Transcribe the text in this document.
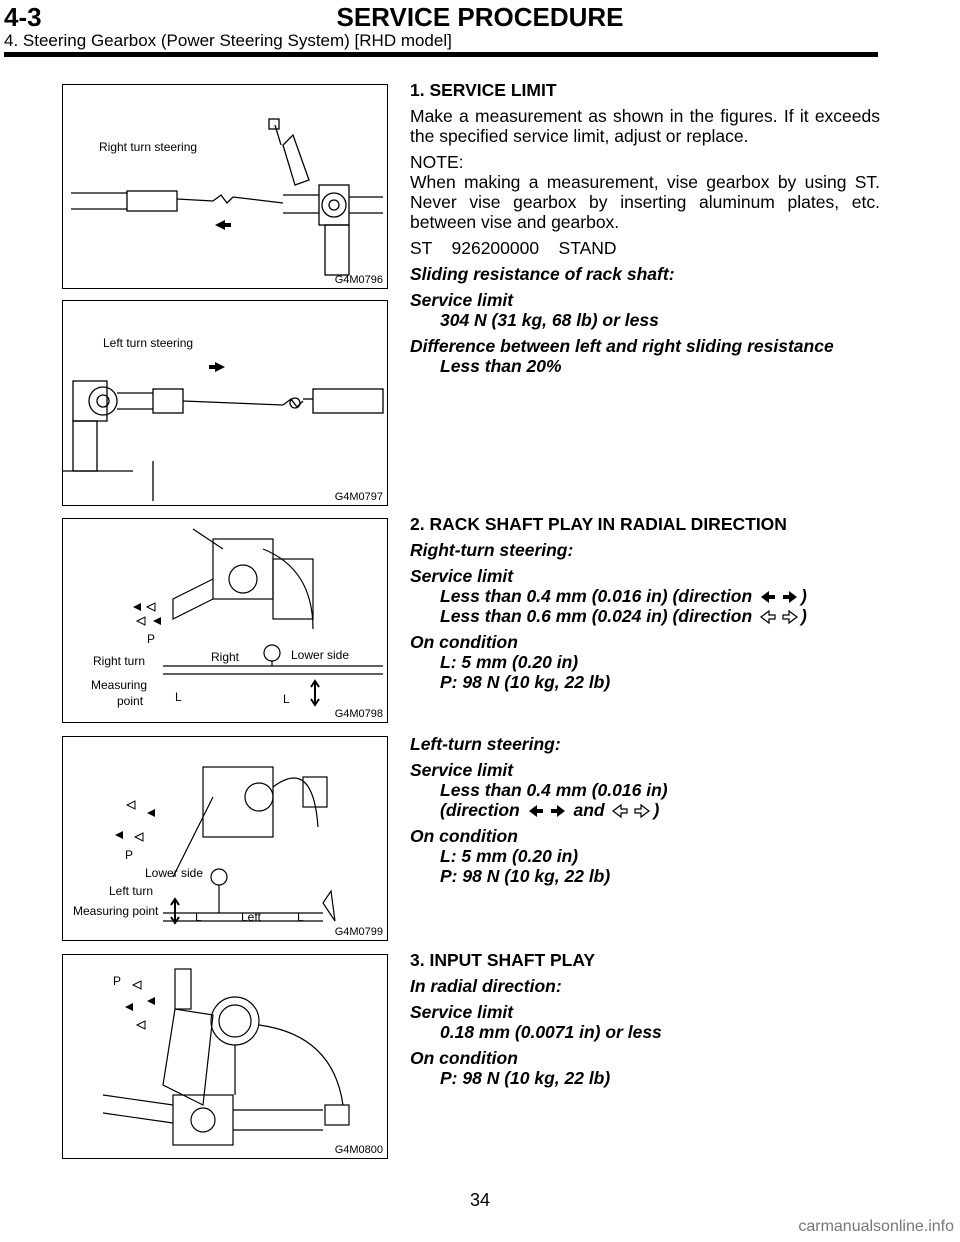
4-3	SERVICE PROCEDURE
4. Steering Gearbox (Power Steering System) [RHD model]
Right turn steering
G4M0796
Left turn steering
G4M0797
P
Right turn	Right	Lower side
Measuring
point	L	L
G4M0798
P
Lower side
Left turn
Measuring point	L	Left	L
G4M0799
P
G4M0800

1. SERVICE LIMIT

Make a measurement as shown in the figures. If it exceeds the specified service limit, adjust or replace.

NOTE:

When making a measurement, vise gearbox by using ST. Never vise gearbox by inserting aluminum plates, etc. between vise and gearbox.

ST    926200000    STAND

Sliding resistance of rack shaft:

Service limit

304 N (31 kg, 68 lb) or less

Difference between left and right sliding resistance

Less than 20%

2. RACK SHAFT PLAY IN RADIAL DIRECTION

Right-turn steering:

Service limit

Less than 0.4 mm (0.016 in) (direction	)

Less than 0.6 mm (0.024 in) (direction	)

On condition

L: 5 mm (0.20 in)

P: 98 N (10 kg, 22 lb)

Left-turn steering:

Service limit

Less than 0.4 mm (0.016 in)

(direction	and	)

On condition

L: 5 mm (0.20 in)

P: 98 N (10 kg, 22 lb)

3. INPUT SHAFT PLAY

In radial direction:

Service limit

0.18 mm (0.0071 in) or less

On condition

P: 98 N (10 kg, 22 lb)

34
carmanualsonline.info
